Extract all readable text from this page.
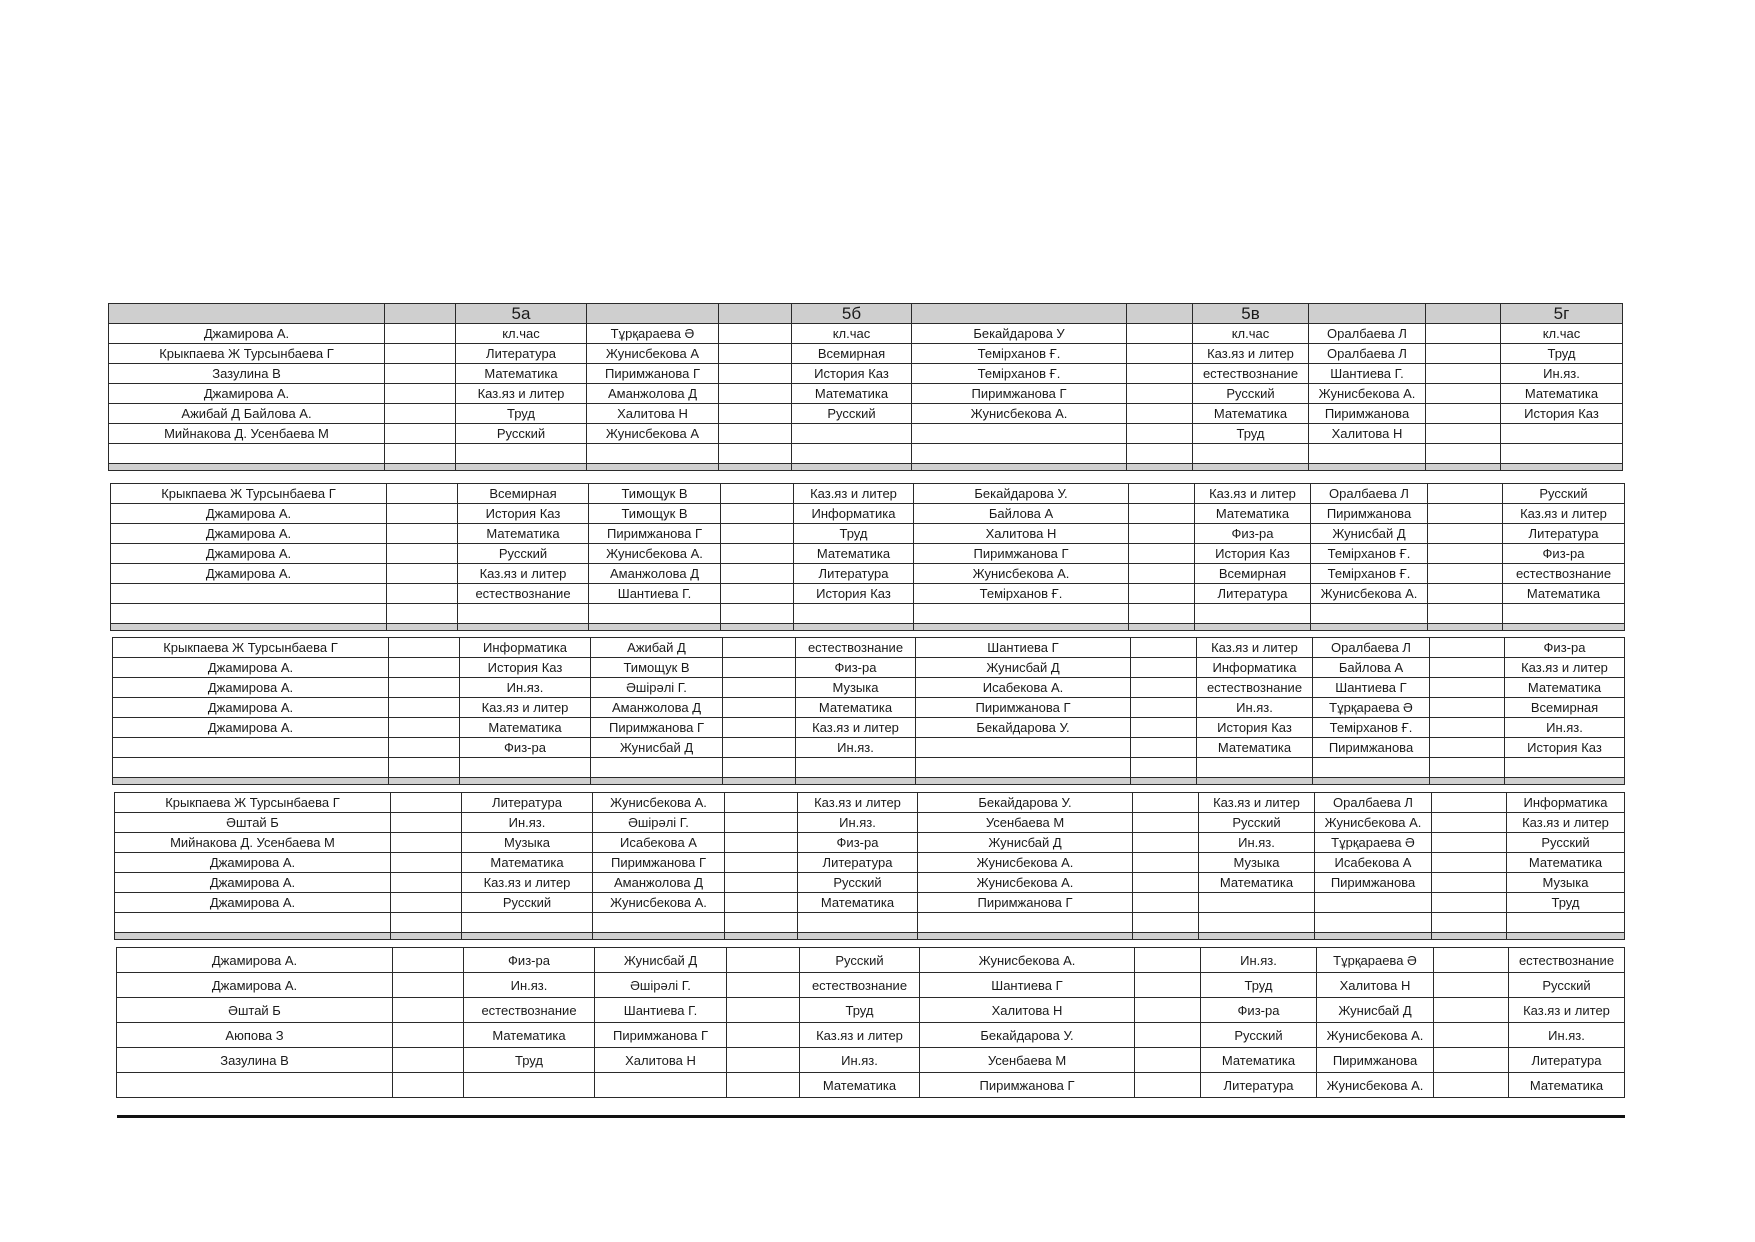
		5а			5б			5в			5г
Джамирова А.		кл.час	Тұрқараева Ә		кл.час	Бекайдарова У		кл.час	Оралбаева Л		кл.час
Крыкпаева Ж Турсынбаева Г		Литература	Жунисбекова А		Всемирная	Теміpханов Ғ.		Каз.яз и литер	Оралбаева Л		Труд
Зазулина В		Математика	Пиримжанова Г		История Каз	Теміpханов Ғ.		естествознание	Шантиева Г.		Ин.яз.
Джамирова А.		Каз.яз и литер	Аманжолова Д		Математика	Пиримжанова Г		Русский	Жунисбекова А.		Математика
Ажибай Д Байлова А.		Труд	Халитова Н		Русский	Жунисбекова А.		Математика	Пиримжанова		История Каз
Мийнакова Д. Усенбаева М		Русский	Жунисбекова А					Труд	Халитова Н		

Крыкпаева Ж Турсынбаева Г		Всемирная	Тимощук В		Каз.яз и литер	Бекайдарова У.		Каз.яз и литер	Оралбаева Л		Русский
Джамирова А.		История Каз	Тимощук В		Информатика	Байлова А		Математика	Пиримжанова		Каз.яз и литер
Джамирова А.		Математика	Пиримжанова Г		Труд	Халитова Н		Физ-ра	Жунисбай Д		Литература
Джамирова А.		Русский	Жунисбекова А.		Математика	Пиримжанова Г		История Каз	Теміpханов Ғ.		Физ-ра
Джамирова А.		Каз.яз и литер	Аманжолова Д		Литература	Жунисбекова А.		Всемирная	Теміpханов Ғ.		естествознание
		естествознание	Шантиева Г.		История Каз	Теміpханов Ғ.		Литература	Жунисбекова А.		Математика

Крыкпаева Ж Турсынбаева Г		Информатика	Ажибай Д		естествознание	Шантиева Г		Каз.яз и литер	Оралбаева Л		Физ-ра
Джамирова А.		История Каз	Тимощук В		Физ-ра	Жунисбай Д		Информатика	Байлова А		Каз.яз и литер
Джамирова А.		Ин.яз.	Әшірәлі Г.		Музыка	Исабекова А.		естествознание	Шантиева Г		Математика
Джамирова А.		Каз.яз и литер	Аманжолова Д		Математика	Пиримжанова Г		Ин.яз.	Тұрқараева Ә		Всемирная
Джамирова А.		Математика	Пиримжанова Г		Каз.яз и литер	Бекайдарова У.		История Каз	Теміpханов Ғ.		Ин.яз.
		Физ-ра	Жунисбай Д		Ин.яз.			Математика	Пиримжанова		История Каз

Крыкпаева Ж Турсынбаева Г		Литература	Жунисбекова А.		Каз.яз и литер	Бекайдарова У.		Каз.яз и литер	Оралбаева Л		Информатика
Әштай Б		Ин.яз.	Әшірәлі Г.		Ин.яз.	Усенбаева М		Русский	Жунисбекова А.		Каз.яз и литер
Мийнакова Д. Усенбаева М		Музыка	Исабекова А		Физ-ра	Жунисбай Д		Ин.яз.	Тұрқараева Ә		Русский
Джамирова А.		Математика	Пиримжанова Г		Литература	Жунисбекова А.		Музыка	Исабекова А		Математика
Джамирова А.		Каз.яз и литер	Аманжолова Д		Русский	Жунисбекова А.		Математика	Пиримжанова		Музыка
Джамирова А.		Русский	Жунисбекова А.		Математика	Пиримжанова Г					Труд

Джамирова А.		Физ-ра	Жунисбай Д		Русский	Жунисбекова А.		Ин.яз.	Тұрқараева Ә		естествознание
Джамирова А.		Ин.яз.	Әшірәлі Г.		естествознание	Шантиева Г		Труд	Халитова Н		Русский
Әштай Б		естествознание	Шантиева Г.		Труд	Халитова Н		Физ-ра	Жунисбай Д		Каз.яз и литер
Аюпова З		Математика	Пиримжанова Г		Каз.яз и литер	Бекайдарова У.		Русский	Жунисбекова А.		Ин.яз.
Зазулина В		Труд	Халитова Н		Ин.яз.	Усенбаева М		Математика	Пиримжанова		Литература
					Математика	Пиримжанова Г		Литература	Жунисбекова А.		Математика
